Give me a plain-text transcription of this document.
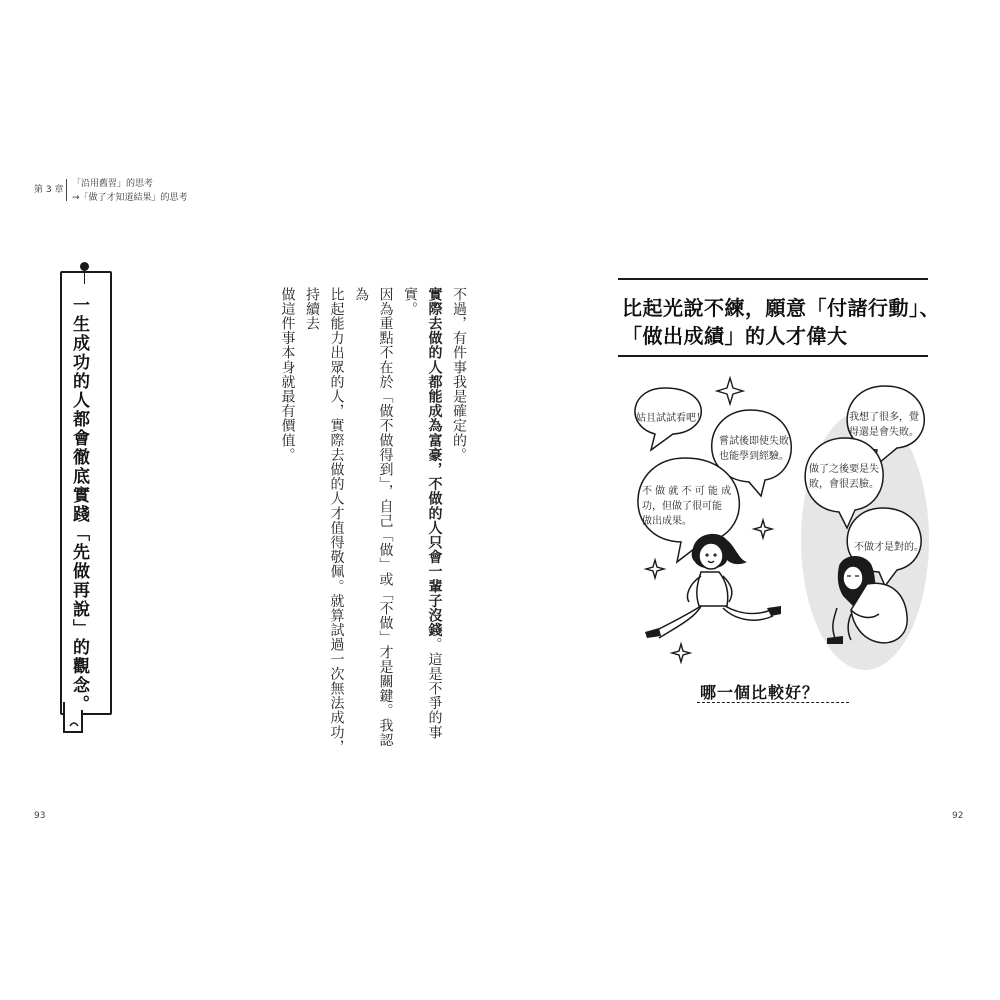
第 3 章
「沿用舊習」的思考
→「做了才知道結果」的思考
一生成功的人都會徹底實踐「先做再說」的觀念。	不過，有件事我是確定的。

實際去做的人都能成為富豪，不做的人只會一輩子沒錢。這是不爭的事實。

因為重點不在於「做不做得到」，自己「做」或「不做」才是關鍵。我認為

比起能力出眾的人，實際去做的人才值得敬佩。就算試過一次無法成功，持續去

做這件事本身就最有價值。

93	92
比起光說不練，願意「付諸行動」、
「做出成績」的人才偉大
姑且試試看吧！
嘗試後即使失敗
也能學到經驗。
不 做 就 不 可 能 成
功，但做了很可能
做出成果。
我想了很多，覺
得還是會失敗。
做了之後要是失
敗，會很丟臉。
不做才是對的。
哪一個比較好？
